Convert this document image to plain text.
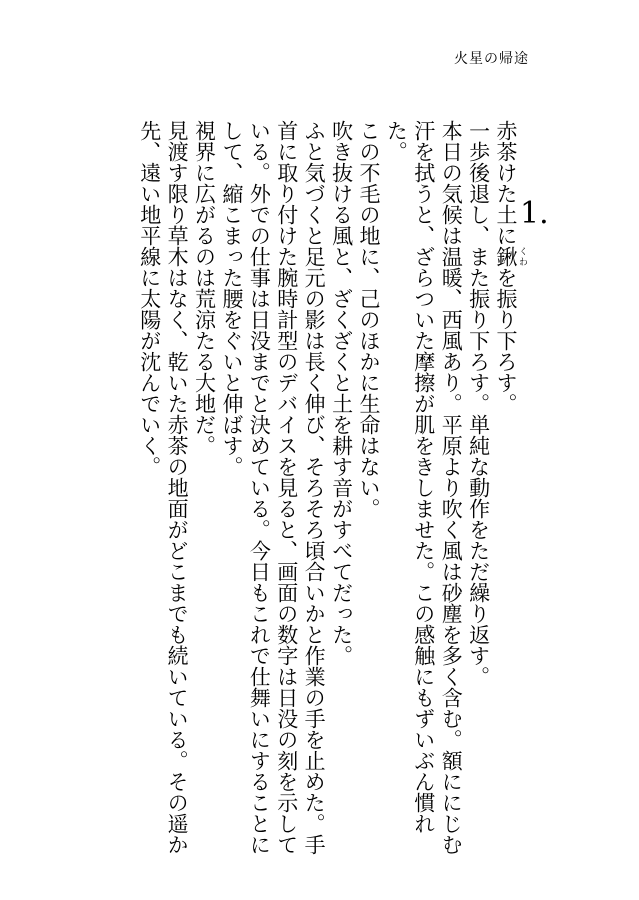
火星の帰途
1.

赤茶けた土に鍬 くわを振り下ろす。

一歩後退し、また振り下ろす。単純な動作をただ繰り返す。

本日の気候は温暖、西風あり。平原より吹く風は砂塵を多く含む。額ににじむ汗を拭うと、ざらついた摩擦が肌をきしませた。この感触にもずいぶん慣れた。

この不毛の地に、己のほかに生命はない。

吹き抜ける風と、ざくざくと土を耕す音がすべてだった。

ふと気づくと足元の影は長く伸び、そろそろ頃合いかと作業の手を止めた。手首に取り付けた腕時計型のデバイスを見ると、画面の数字は日没の刻を示している。外での仕事は日没までと決めている。今日もこれで仕舞いにすることにして、縮こまった腰をぐいと伸ばす。

視界に広がるのは荒涼たる大地だ。

見渡す限り草木はなく、乾いた赤茶の地面がどこまでも続いている。その遥か先、遠い地平線に太陽が沈んでいく。
